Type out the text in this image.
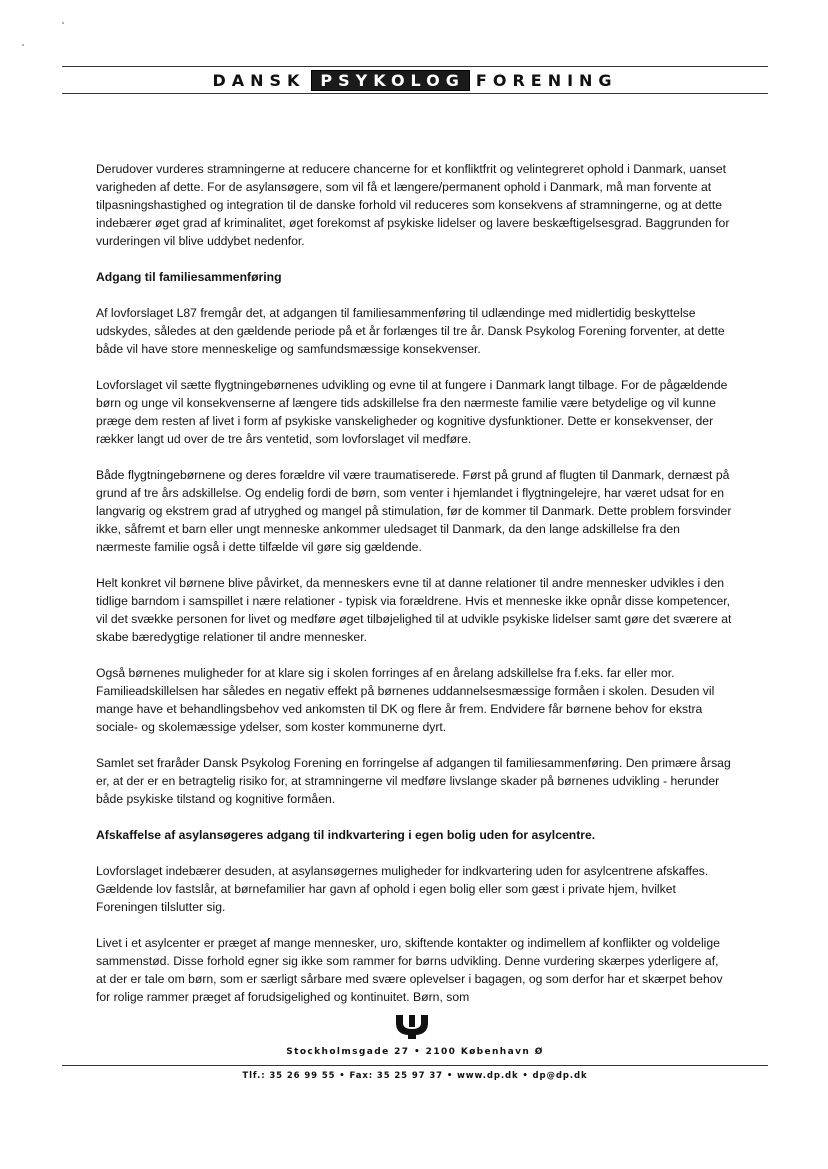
DANSK PSYKOLOG FORENING

Derudover vurderes stramningerne at reducere chancerne for et konfliktfrit og velintegreret ophold i Danmark, uanset varigheden af dette. For de asylansøgere, som vil få et længere/permanent ophold i Danmark, må man forvente at tilpasningshastighed og integration til de danske forhold vil reduceres som konsekvens af stramningerne, og at dette indebærer øget grad af kriminalitet, øget forekomst af psykiske lidelser og lavere beskæftigelsesgrad. Baggrunden for vurderingen vil blive uddybet nedenfor.

Adgang til familiesammenføring

Af lovforslaget L87 fremgår det, at adgangen til familiesammenføring til udlændinge med midlertidig beskyttelse udskydes, således at den gældende periode på et år forlænges til tre år. Dansk Psykolog Forening forventer, at dette både vil have store menneskelige og samfundsmæssige konsekvenser.

Lovforslaget vil sætte flygtningebørnenes udvikling og evne til at fungere i Danmark langt tilbage. For de pågældende børn og unge vil konsekvenserne af længere tids adskillelse fra den nærmeste familie være betydelige og vil kunne præge dem resten af livet i form af psykiske vanskeligheder og kognitive dysfunktioner. Dette er konsekvenser, der rækker langt ud over de tre års ventetid, som lovforslaget vil medføre.

Både flygtningebørnene og deres forældre vil være traumatiserede. Først på grund af flugten til Danmark, dernæst på grund af tre års adskillelse. Og endelig fordi de børn, som venter i hjemlandet i flygtningelejre, har været udsat for en langvarig og ekstrem grad af utryghed og mangel på stimulation, før de kommer til Danmark. Dette problem forsvinder ikke, såfremt et barn eller ungt menneske ankommer uledsaget til Danmark, da den lange adskillelse fra den nærmeste familie også i dette tilfælde vil gøre sig gældende.

Helt konkret vil børnene blive påvirket, da menneskers evne til at danne relationer til andre mennesker udvikles i den tidlige barndom i samspillet i nære relationer - typisk via forældrene. Hvis et menneske ikke opnår disse kompetencer, vil det svække personen for livet og medføre øget tilbøjelighed til at udvikle psykiske lidelser samt gøre det sværere at skabe bæredygtige relationer til andre mennesker.

Også børnenes muligheder for at klare sig i skolen forringes af en årelang adskillelse fra f.eks. far eller mor. Familieadskillelsen har således en negativ effekt på børnenes uddannelsesmæssige formåen i skolen. Desuden vil mange have et behandlingsbehov ved ankomsten til DK og flere år frem. Endvidere får børnene behov for ekstra sociale- og skolemæssige ydelser, som koster kommunerne dyrt.

Samlet set fraråder Dansk Psykolog Forening en forringelse af adgangen til familiesammenføring. Den primære årsag er, at der er en betragtelig risiko for, at stramningerne vil medføre livslange skader på børnenes udvikling - herunder både psykiske tilstand og kognitive formåen.

Afskaffelse af asylansøgeres adgang til indkvartering i egen bolig uden for asylcentre.

Lovforslaget indebærer desuden, at asylansøgernes muligheder for indkvartering uden for asylcentrene afskaffes. Gældende lov fastslår, at børnefamilier har gavn af ophold i egen bolig eller som gæst i private hjem, hvilket Foreningen tilslutter sig.

Livet i et asylcenter er præget af mange mennesker, uro, skiftende kontakter og indimellem af konflikter og voldelige sammenstød. Disse forhold egner sig ikke som rammer for børns udvikling. Denne vurdering skærpes yderligere af, at der er tale om børn, som er særligt sårbare med svære oplevelser i bagagen, og som derfor har et skærpet behov for rolige rammer præget af forudsigelighed og kontinuitet. Børn, som

Stockholmsgade 27 • 2100 København Ø
Tlf.: 35 26 99 55 • Fax: 35 25 97 37 • www.dp.dk • dp@dp.dk
